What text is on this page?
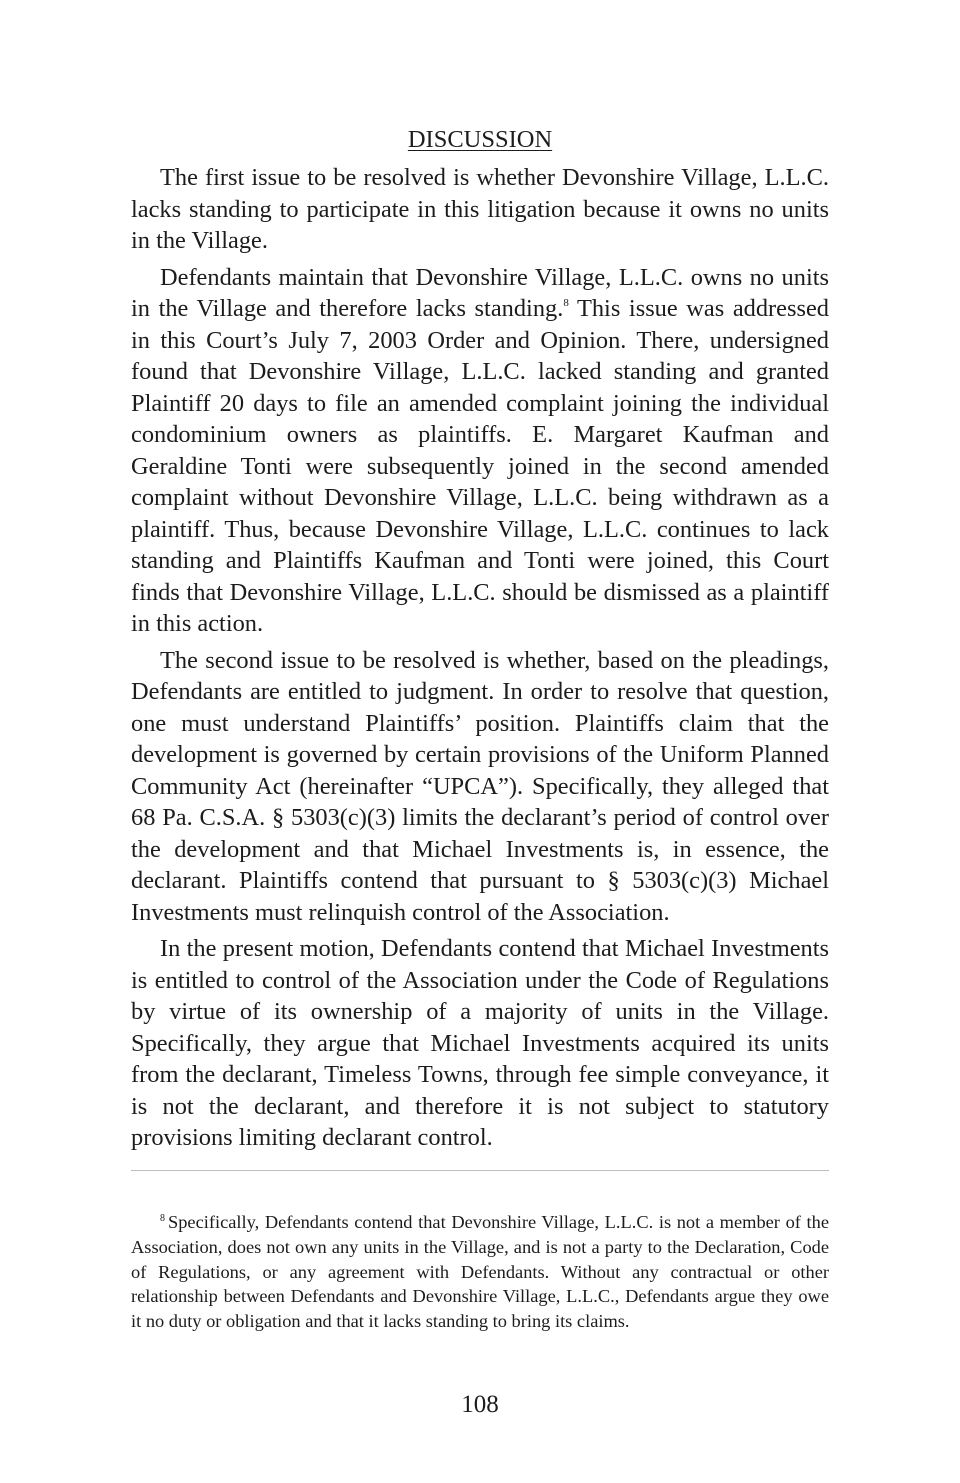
DISCUSSION

The first issue to be resolved is whether Devonshire Village, L.L.C. lacks standing to participate in this litigation because it owns no units in the Village.

Defendants maintain that Devonshire Village, L.L.C. owns no units in the Village and therefore lacks standing.$^8$ This issue was addressed in this Court’s July 7, 2003 Order and Opinion. There, undersigned found that Devonshire Village, L.L.C. lacked standing and granted Plaintiff 20 days to file an amended complaint joining the individual condominium owners as plaintiffs. E. Margaret Kaufman and Geraldine Tonti were subsequently joined in the second amended complaint without Devonshire Village, L.L.C. being withdrawn as a plaintiff. Thus, because Devonshire Village, L.L.C. continues to lack standing and Plaintiffs Kaufman and Tonti were joined, this Court finds that Devonshire Village, L.L.C. should be dismissed as a plaintiff in this action.

The second issue to be resolved is whether, based on the pleadings, Defendants are entitled to judgment. In order to resolve that question, one must understand Plaintiffs’ position. Plaintiffs claim that the development is governed by certain provisions of the Uniform Planned Community Act (hereinafter “UPCA”). Specifically, they alleged that 68 Pa. C.S.A. § 5303(c)(3) limits the declarant’s period of control over the development and that Michael Investments is, in essence, the declarant. Plaintiffs contend that pursuant to § 5303(c)(3) Michael Investments must relinquish control of the Association.

In the present motion, Defendants contend that Michael Investments is entitled to control of the Association under the Code of Regulations by virtue of its ownership of a majority of units in the Village. Specifically, they argue that Michael Investments acquired its units from the declarant, Timeless Towns, through fee simple conveyance, it is not the declarant, and therefore it is not subject to statutory provisions limiting declarant control.

$^8$ Specifically, Defendants contend that Devonshire Village, L.L.C. is not a member of the Association, does not own any units in the Village, and is not a party to the Declaration, Code of Regulations, or any agreement with Defendants. Without any contractual or other relationship between Defendants and Devonshire Village, L.L.C., Defendants argue they owe it no duty or obligation and that it lacks standing to bring its claims.

108
